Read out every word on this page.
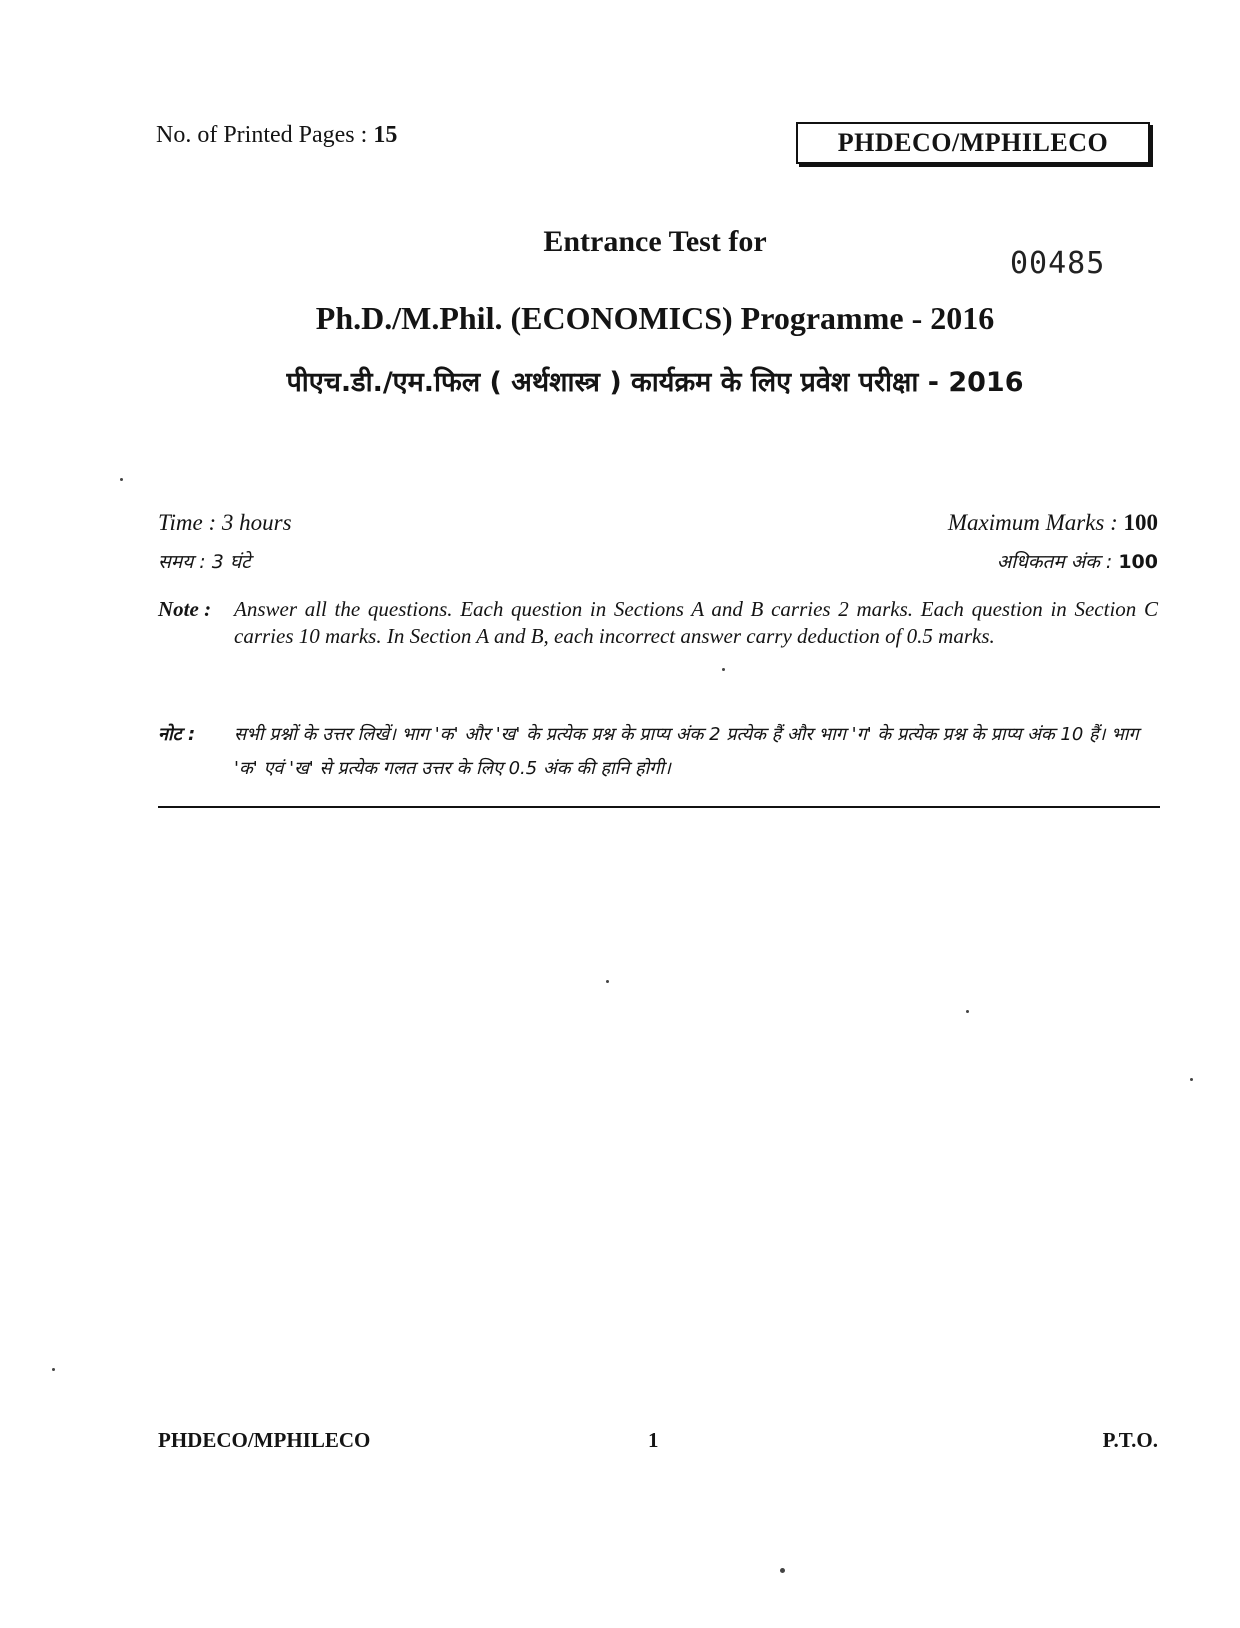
No. of Printed Pages : 15	PHDECO/MPHILECO
Entrance Test for
00485
Ph.D./M.Phil. (ECONOMICS) Programme - 2016
पीएच.डी./एम.फिल ( अर्थशास्त्र ) कार्यक्रम के लिए प्रवेश परीक्षा - 2016
Time : 3 hours
समय : 3 घंटे
Maximum Marks : 100
अधिकतम अंक : 100
Note :	Answer all the questions. Each question in Sections A and B carries 2 marks. Each question in Section C carries 10 marks. In Section A and B, each incorrect answer carry deduction of 0.5 marks.
नोट :	सभी प्रश्नों के उत्तर लिखें। भाग 'क' और 'ख' के प्रत्येक प्रश्न के प्राप्य अंक 2 प्रत्येक हैं और भाग 'ग' के प्रत्येक प्रश्न के प्राप्य अंक 10 हैं। भाग 'क' एवं 'ख' से प्रत्येक गलत उत्तर के लिए 0.5 अंक की हानि होगी।
PHDECO/MPHILECO	1	P.T.O.
